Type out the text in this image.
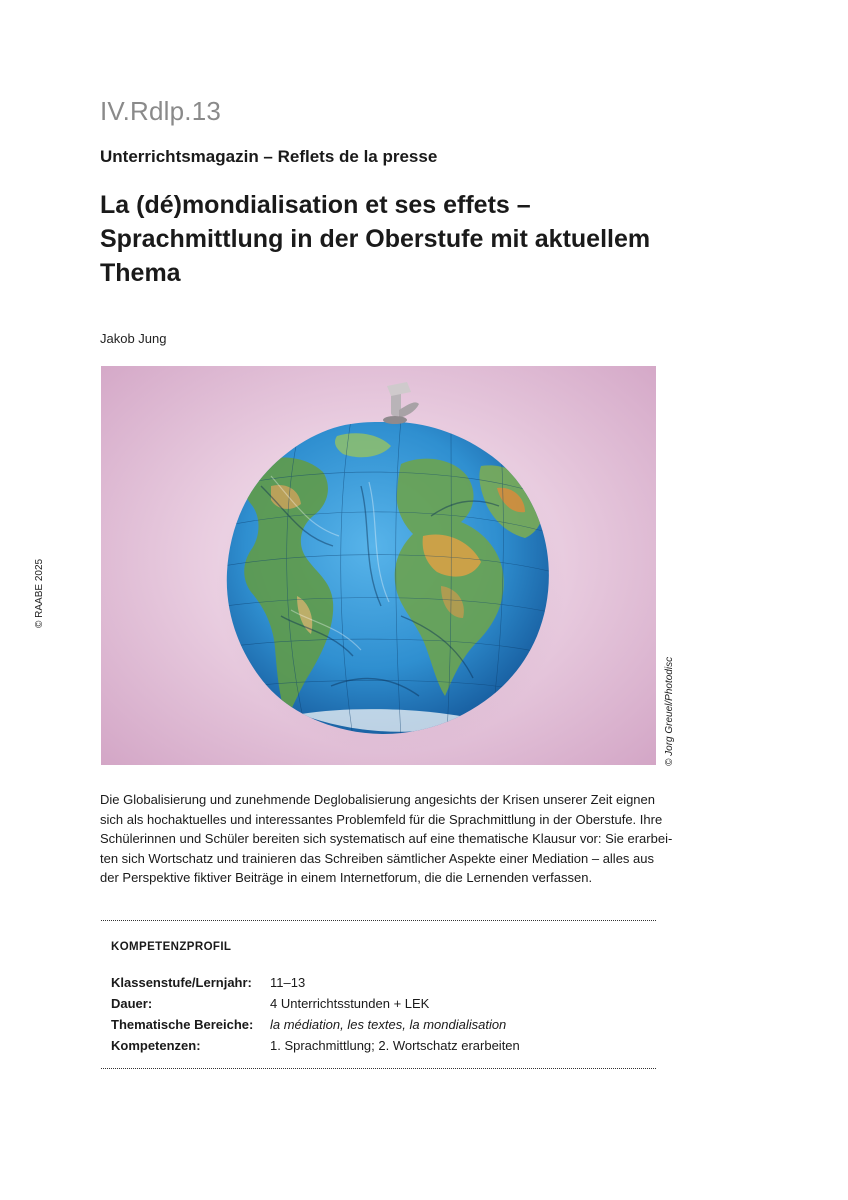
IV.Rdlp.13
Unterrichtsmagazin – Reflets de la presse
La (dé)mondialisation et ses effets –
Sprachmittlung in der Oberstufe mit aktuellem
Thema
Jakob Jung
© RAABE 2025
© Jorg Greuel/Photodisc
Die Globalisierung und zunehmende Deglobalisierung angesichts der Krisen unserer Zeit eignen
sich als hochaktuelles und interessantes Problemfeld für die Sprachmittlung in der Oberstufe. Ihre
Schülerinnen und Schüler bereiten sich systematisch auf eine thematische Klausur vor: Sie erarbei-
ten sich Wortschatz und trainieren das Schreiben sämtlicher Aspekte einer Mediation – alles aus
der Perspektive fiktiver Beiträge in einem Internetforum, die die Lernenden verfassen.
KOMPETENZPROFIL
Klassenstufe/Lernjahr:	11–13
Dauer:	4 Unterrichtsstunden + LEK
Thematische Bereiche:	la médiation, les textes, la mondialisation
Kompetenzen:	1. Sprachmittlung; 2. Wortschatz erarbeiten
